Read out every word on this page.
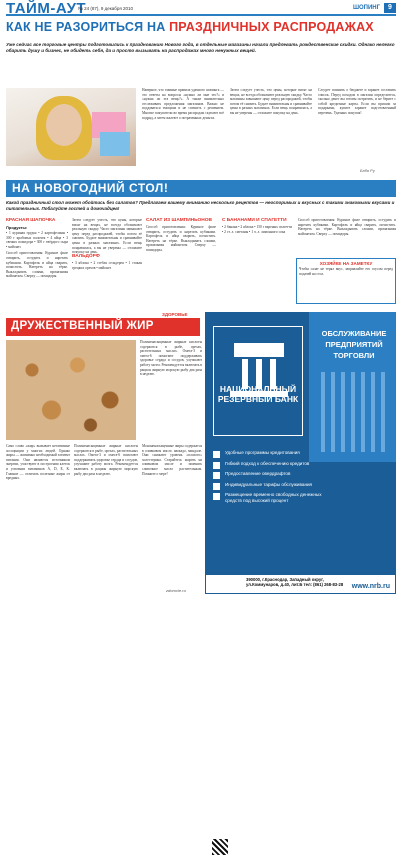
ТАЙМ-АУТ
№ 24 (87), 9 декабря 2010	ШОПИНГ	9
КАК НЕ РАЗОРИТЬСЯ НА ПРАЗДНИЧНЫХ РАСПРОДАЖАХ
Уже сейчас все торговые центры подготовились к празднованию Нового года, в отдельные магазины начали предлевать рождественские скидки. Однако нелегко обарить душу и бизнес, не обидеть себя, да и просто вызывать на распродажах много ненужных вещей.
Наверное, что главные правила удачного шопинга — это ответы на вопросы «нужно ли мне это?» и «нужна ли эта вещь?». А также внимательно отслеживать предложения магазинов. Важно не поддаваться эмоциям и не спешить с решением. Многие покупатели во время распродаж скупают всё подряд, а затем жалеют о потраченных деньгах.
Затем следует учесть, что цены, которые висят на вещах, не всегда обозначают реальную скидку. Часто магазины завышают цену перед распродажей, чтобы потом её снизить. Будьте внимательны и сравнивайте цены в разных магазинах. Если вещь понравилась, а вы не уверены — отложите покупку на день.
Следует помнить о бюджете и заранее составить список. Перед походом в магазин определитесь, сколько денег вы готовы потратить, и не берите с собой кредитные карты. Если вы пришли за подарками, купите заранее подготовленный перечень. Удачных покупок!
Бэбо Ру
НА НОВОГОДНИЙ СТОЛ!
Какой праздничный стол может обойтись без салатов? Предлагаем вашему вниманию несколько рецептов — неоспоримых и вкусных с такими знакомыми вкусами и питательных. Побалуйте гостей и домочадцев!
КРАСНАЯ ШАПОЧКА
Продукты:
• 1 куриная грудка • 2 картофелины • 300 г крабовых палочек • 4 яйца • 3 свежих помидора • 300 г твёрдого сыра • майонез
Способ приготовления: Куриное филе отварить, остудить и нарезать кубиками. Картофель и яйца сварить, почистить. Натереть на тёрке. Выкладывать слоями, промазывая майонезом. Сверху — помидоры.
Затем следует учесть, что цены, которые висят на вещах, не всегда обозначают реальную скидку. Часто магазины завышают цену перед распродажей, чтобы потом её снизить. Будьте внимательны и сравнивайте цены в разных магазинах. Если вещь понравилась, а вы не уверены — отложите покупку на день.
ВАЛЬДОРФ
• 3 яблока • 2 стебля сельдерея • 1 стакан грецких орехов • майонез
САЛАТ ИЗ ШАМПИНЬОНОВ
Способ приготовления: Куриное филе отварить, остудить и нарезать кубиками. Картофель и яйца сварить, почистить. Натереть на тёрке. Выкладывать слоями, промазывая майонезом. Сверху — помидоры.
С БАНАНАМИ И СПАГЕТТИ
• 2 банана • 2 яблока • 150 г вареных спагетти • 2 ст. л. сметаны • 1 ч. л. лимонного сока
Способ приготовления: Куриное филе отварить, остудить и нарезать кубиками. Картофель и яйца сварить, почистить. Натереть на тёрке. Выкладывать слоями, промазывая майонезом. Сверху — помидоры.
ХОЗЯЙКЕ НА ЗАМЕТКУ
Чтобы салат не терял вкус, заправляйте его соусом перед подачей на стол.
ЗДОРОВЬЕ
ДРУЖЕСТВЕННЫЙ ЖИР
Полиненасыщенные жирные кислоты содержатся в рыбе, орехах, растительных маслах. Омега-3 и омега-6 помогают поддерживать здоровье сердца и сосудов, улучшают работу мозга. Рекомендуется включать в рацион жирную морскую рыбу два раза в неделю.
Само слово «жир» вызывает негативные ассоциации у многих людей. Однако жиры — жизненно необходимый элемент питания. Они являются источником энергии, участвуют в построении клеток и усвоении витаминов A, D, E, K. Главное — отличать полезные жиры от вредных.
Полиненасыщенные жирные кислоты содержатся в рыбе, орехах, растительных маслах. Омега-3 и омега-6 помогают поддерживать здоровье сердца и сосудов, улучшают работу мозга. Рекомендуется включать в рацион жирную морскую рыбу два раза в неделю.
Мононенасыщенные жиры содержатся в оливковом масле, авокадо, миндале. Они снижают уровень «плохого» холестерина. Старайтесь жарить на оливковом масле и заменять сливочное масло растительным. Помните о мере!
zdorovie.ru
НАЦИОНАЛЬНЫЙ РЕЗЕРВНЫЙ БАНК
ОБСЛУЖИВАНИЕ ПРЕДПРИЯТИЙ ТОРГОВЛИ
Удобные программы кредитования
Гибкий подход к обеспечению кредитов
Предоставление овердрафтов
Индивидуальные тарифы обслуживания
Размещение временно свободных денежных средств под высокий процент
390000, г.Краснодар, Западный округ, ул.Коммунаров, д.40, лит.Б тел: (861) 268-83-28	www.nrb.ru
